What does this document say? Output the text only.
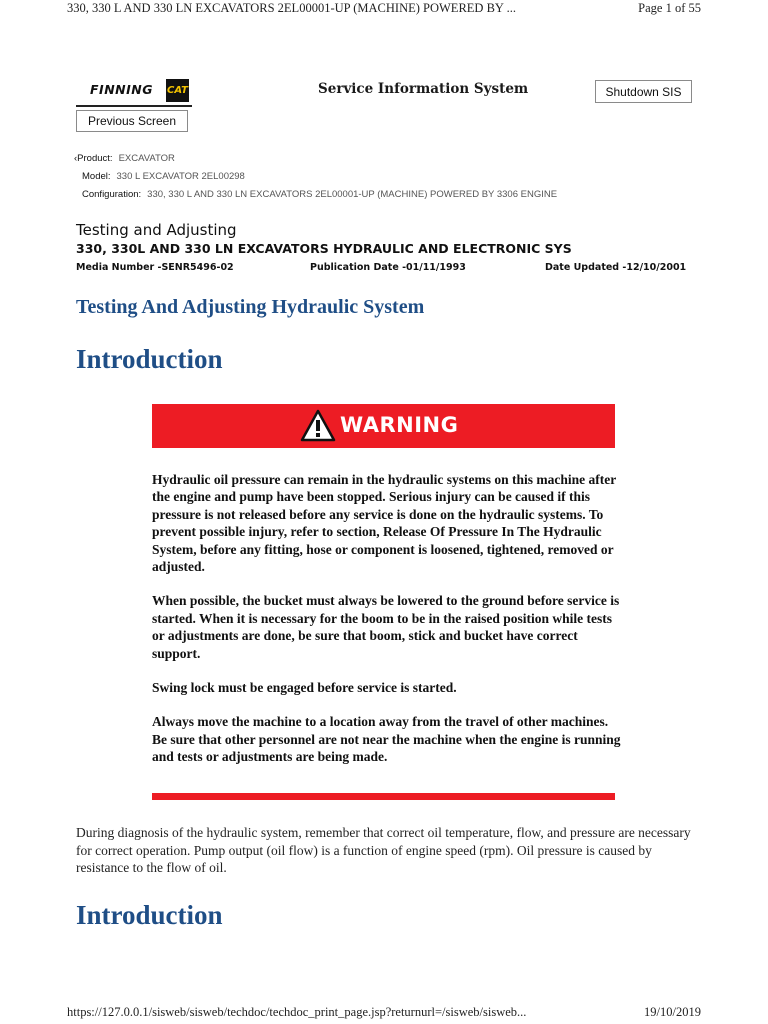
330, 330 L AND 330 LN EXCAVATORS 2EL00001-UP (MACHINE) POWERED BY ...	Page 1 of 55
FINNING CAT	Service Information System	Shutdown SIS
Previous Screen
‹Product: EXCAVATOR
Model: 330 L EXCAVATOR 2EL00298
Configuration: 330, 330 L AND 330 LN EXCAVATORS 2EL00001-UP (MACHINE) POWERED BY 3306 ENGINE
Testing and Adjusting
330, 330L AND 330 LN EXCAVATORS HYDRAULIC AND ELECTRONIC SYS
Media Number -SENR5496-02	Publication Date -01/11/1993	Date Updated -12/10/2001
Testing And Adjusting Hydraulic System
Introduction
WARNING

Hydraulic oil pressure can remain in the hydraulic systems on this machine after the engine and pump have been stopped. Serious injury can be caused if this pressure is not released before any service is done on the hydraulic systems. To prevent possible injury, refer to section, Release Of Pressure In The Hydraulic System, before any fitting, hose or component is loosened, tightened, removed or adjusted.

When possible, the bucket must always be lowered to the ground before service is started. When it is necessary for the boom to be in the raised position while tests or adjustments are done, be sure that boom, stick and bucket have correct support.

Swing lock must be engaged before service is started.

Always move the machine to a location away from the travel of other machines. Be sure that other personnel are not near the machine when the engine is running and tests or adjustments are being made.

During diagnosis of the hydraulic system, remember that correct oil temperature, flow, and pressure are necessary for correct operation. Pump output (oil flow) is a function of engine speed (rpm). Oil pressure is caused by resistance to the flow of oil.
Introduction
https://127.0.0.1/sisweb/sisweb/techdoc/techdoc_print_page.jsp?returnurl=/sisweb/sisweb...	19/10/2019
